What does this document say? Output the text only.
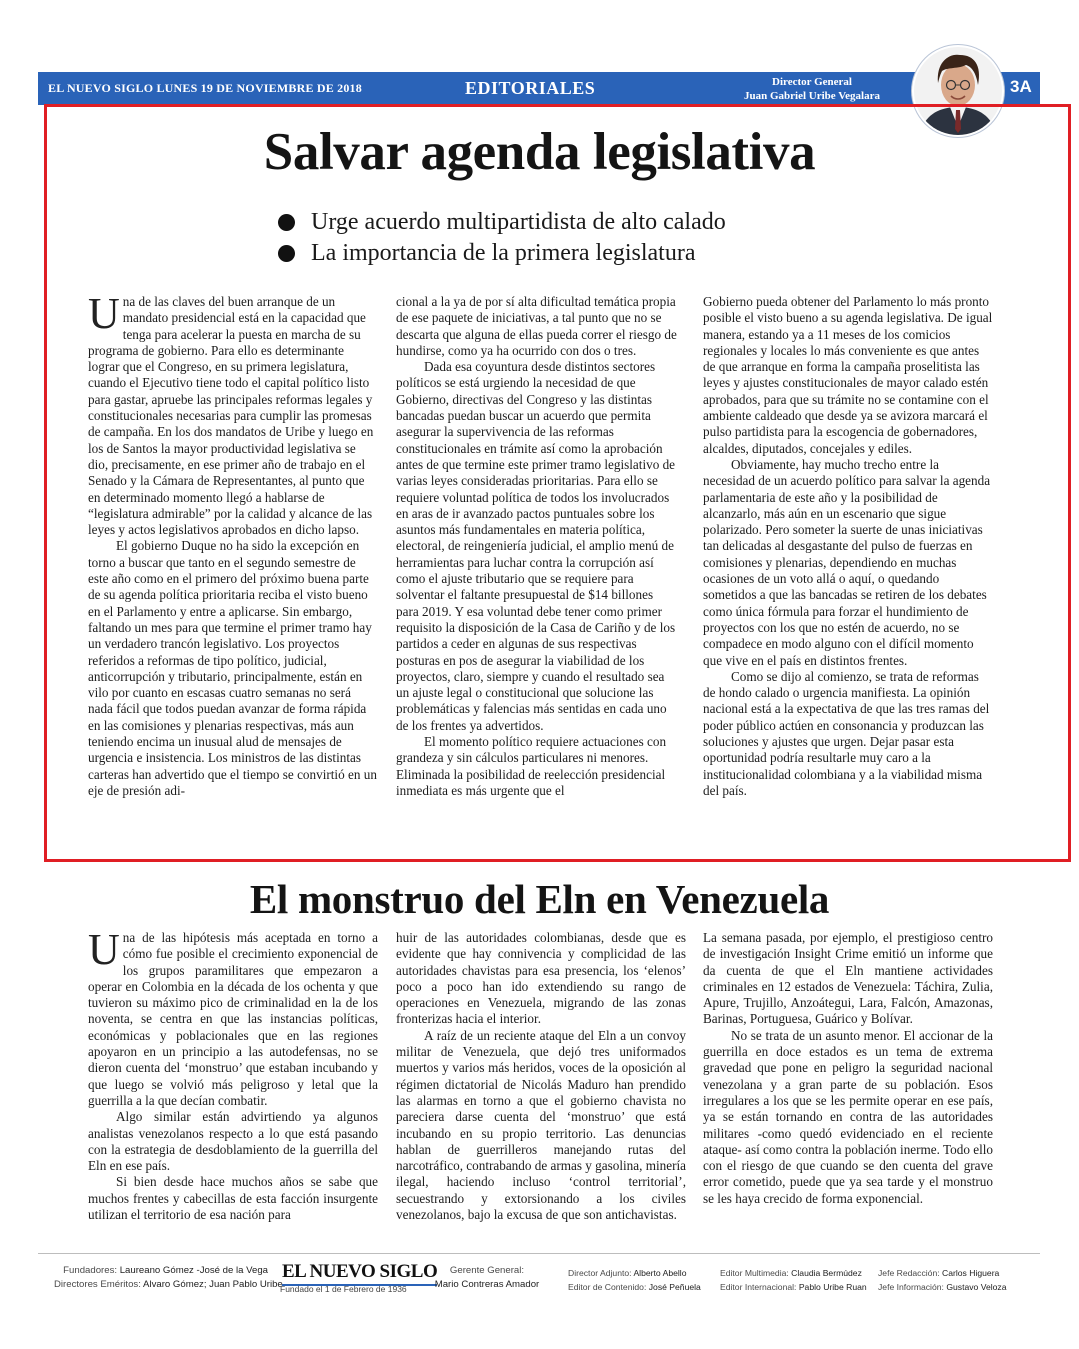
EL NUEVO SIGLO LUNES 19 DE NOVIEMBRE DE 2018	EDITORIALES	Director General
Juan Gabriel Uribe Vegalara	3A
Salvar agenda legislativa
Urge acuerdo multipartidista de alto calado
La importancia de la primera legislatura

Una de las claves del buen arranque de un mandato presidencial está en la capacidad que tenga para acelerar la puesta en marcha de su programa de gobierno. Para ello es determinante lograr que el Congreso, en su primera legislatura, cuando el Ejecutivo tiene todo el capital político listo para gastar, apruebe las principales reformas legales y constitucionales necesarias para cumplir las promesas de campaña. En los dos mandatos de Uribe y luego en los de Santos la mayor productividad legislativa se dio, precisamente, en ese primer año de trabajo en el Senado y la Cámara de Representantes, al punto que en determinado momento llegó a hablarse de “legislatura admirable” por la calidad y alcance de las leyes y actos legislativos aprobados en dicho lapso.

El gobierno Duque no ha sido la excepción en torno a buscar que tanto en el segundo semestre de este año como en el primero del próximo buena parte de su agenda política prioritaria reciba el visto bueno en el Parlamento y entre a aplicarse. Sin embargo, faltando un mes para que termine el primer tramo hay un verdadero trancón legislativo. Los proyectos referidos a reformas de tipo político, judicial, anticorrupción y tributario, principalmente, están en vilo por cuanto en escasas cuatro semanas no será nada fácil que todos puedan avanzar de forma rápida en las comisiones y plenarias respectivas, más aun teniendo encima un inusual alud de mensajes de urgencia e insistencia. Los ministros de las distintas carteras han advertido que el tiempo se convirtió en un eje de presión adi-

cional a la ya de por sí alta dificultad temática propia de ese paquete de iniciativas, a tal punto que no se descarta que alguna de ellas pueda correr el riesgo de hundirse, como ya ha ocurrido con dos o tres.

Dada esa coyuntura desde distintos sectores políticos se está urgiendo la necesidad de que Gobierno, directivas del Congreso y las distintas bancadas puedan buscar un acuerdo que permita asegurar la supervivencia de las reformas constitucionales en trámite así como la aprobación antes de que termine este primer tramo legislativo de varias leyes consideradas prioritarias. Para ello se requiere voluntad política de todos los involucrados en aras de ir avanzado pactos puntuales sobre los asuntos más fundamentales en materia política, electoral, de reingeniería judicial, el amplio menú de herramientas para luchar contra la corrupción así como el ajuste tributario que se requiere para solventar el faltante presupuestal de $14 billones para 2019. Y esa voluntad debe tener como primer requisito la disposición de la Casa de Cariño y de los partidos a ceder en algunas de sus respectivas posturas en pos de asegurar la viabilidad de los proyectos, claro, siempre y cuando el resultado sea un ajuste legal o constitucional que solucione las problemáticas y falencias más sentidas en cada uno de los frentes ya advertidos.

El momento político requiere actuaciones con grandeza y sin cálculos particulares ni menores. Eliminada la posibilidad de reelección presidencial inmediata es más urgente que el

Gobierno pueda obtener del Parlamento lo más pronto posible el visto bueno a su agenda legislativa. De igual manera, estando ya a 11 meses de los comicios regionales y locales lo más conveniente es que antes de que arranque en forma la campaña proselitista las leyes y ajustes constitucionales de mayor calado estén aprobados, para que su trámite no se contamine con el ambiente caldeado que desde ya se avizora marcará el pulso partidista para la escogencia de gobernadores, alcaldes, diputados, concejales y ediles.

Obviamente, hay mucho trecho entre la necesidad de un acuerdo político para salvar la agenda parlamentaria de este año y la posibilidad de alcanzarlo, más aún en un escenario que sigue polarizado. Pero someter la suerte de unas iniciativas tan delicadas al desgastante del pulso de fuerzas en comisiones y plenarias, dependiendo en muchas ocasiones de un voto allá o aquí, o quedando sometidos a que las bancadas se retiren de los debates como única fórmula para forzar el hundimiento de proyectos con los que no estén de acuerdo, no se compadece en modo alguno con el difícil momento que vive en el país en distintos frentes.

Como se dijo al comienzo, se trata de reformas de hondo calado o urgencia manifiesta. La opinión nacional está a la expectativa de que las tres ramas del poder público actúen en consonancia y produzcan las soluciones y ajustes que urgen. Dejar pasar esta oportunidad podría resultarle muy caro a la institucionalidad colombiana y a la viabilidad misma del país.

El monstruo del Eln en Venezuela

Una de las hipótesis más aceptada en torno a cómo fue posible el crecimiento exponencial de los grupos paramilitares que empezaron a operar en Colombia en la década de los ochenta y que tuvieron su máximo pico de criminalidad en la de los noventa, se centra en que las instancias políticas, económicas y poblacionales que en las regiones apoyaron en un principio a las autodefensas, no se dieron cuenta del ‘monstruo’ que estaban incubando y que luego se volvió más peligroso y letal que la guerrilla a la que decían combatir.

Algo similar están advirtiendo ya algunos analistas venezolanos respecto a lo que está pasando con la estrategia de desdoblamiento de la guerrilla del Eln en ese país.

Si bien desde hace muchos años se sabe que muchos frentes y cabecillas de esta facción insurgente utilizan el territorio de esa nación para

huir de las autoridades colombianas, desde que es evidente que hay connivencia y complicidad de las autoridades chavistas para esa presencia, los ‘elenos’ poco a poco han ido extendiendo su rango de operaciones en Venezuela, migrando de las zonas fronterizas hacia el interior.

A raíz de un reciente ataque del Eln a un convoy militar de Venezuela, que dejó tres uniformados muertos y varios más heridos, voces de la oposición al régimen dictatorial de Nicolás Maduro han prendido las alarmas en torno a que el gobierno chavista no pareciera darse cuenta del ‘monstruo’ que está incubando en su propio territorio. Las denuncias hablan de guerrilleros manejando rutas del narcotráfico, contrabando de armas y gasolina, minería ilegal, haciendo incluso ‘control territorial’, secuestrando y extorsionando a los civiles venezolanos, bajo la excusa de que son antichavistas.

La semana pasada, por ejemplo, el prestigioso centro de investigación Insight Crime emitió un informe que da cuenta de que el Eln mantiene actividades criminales en 12 estados de Venezuela: Táchira, Zulia, Apure, Trujillo, Anzoátegui, Lara, Falcón, Amazonas, Barinas, Portuguesa, Guárico y Bolívar.

No se trata de un asunto menor. El accionar de la guerrilla en doce estados es un tema de extrema gravedad que pone en peligro la seguridad nacional venezolana y a gran parte de su población. Esos irregulares a los que se les permite operar en ese país, ya se están tornando en contra de las autoridades militares -como quedó evidenciado en el reciente ataque- así como contra la población inerme. Todo ello con el riesgo de que cuando se den cuenta del grave error cometido, puede que ya sea tarde y el monstruo se les haya crecido de forma exponencial.

Fundadores: Laureano Gómez -José de la Vega
Directores Eméritos: Alvaro Gómez; Juan Pablo Uribe
EL NUEVO SIGLO
Fundado el 1 de Febrero de 1936
Gerente General:
Mario Contreras Amador
Director Adjunto: Alberto Abello
Editor de Contenido: José Peñuela
Editor Multimedia: Claudia Bermúdez
Editor Internacional: Pablo Uribe Ruan
Jefe Redacción: Carlos Higuera
Jefe Información: Gustavo Veloza
